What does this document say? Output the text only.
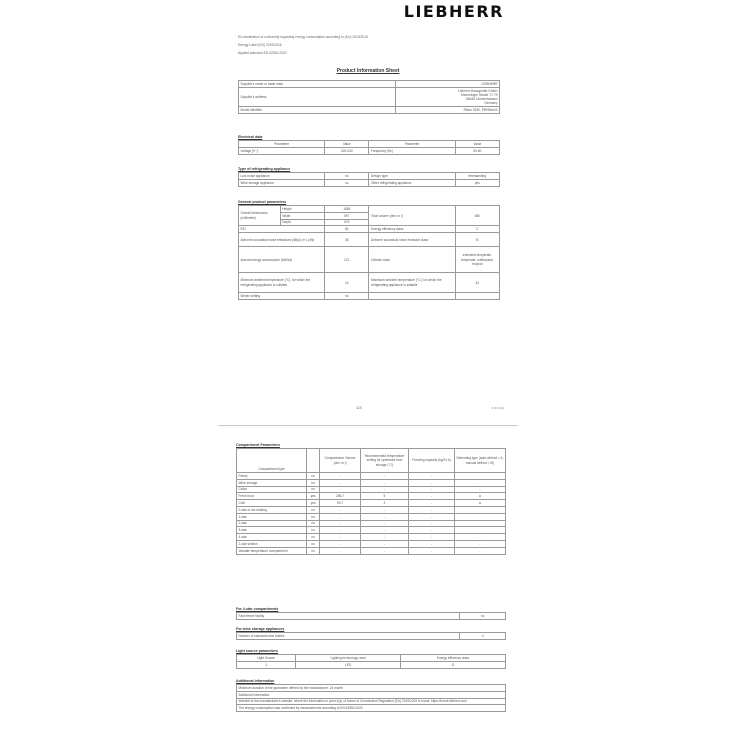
LIEBHERR
EU declaration of conformity regarding energy consumption according to (EU) 2019/2016
Energy Label (EU) 2019/2016
Applied standard EN 62552:2020
Product Information Sheet
Supplier's name or trade mark	LIEBHERR
Supplier's address	Liebherr-Hausgeräte GmbH
Memminger Straße 77-79
88416 Ochsenhausen
Germany

Model identifier	SBzm 5230, PRHBbs20
Electrical data
Parameter	Value	Parameter	Value
Voltage [V~]	220-240	Frequency [Hz]	50-60
Type of refrigerating appliance
Low-noise appliance	no	Design type	freestanding
Wine storage appliance	no	Other refrigerating appliance	yes
General product parameters
Overall dimensions (millimetre)	Height	1855	Total volume (dm³ or l)	380
	Width	597		
	Depth	675		
EEI		84	Energy efficiency class	C
Airborne acoustical noise emissions (dB(A) re 1 pW)		35	Airborne acoustical noise emission class	B
Annual energy consumption (kWh/a)		221	Climate class	extended temperate, temperate, subtropical, tropical
Minimum ambient temperature (°C), for which the refrigerating appliance is suitable		10	Maximum ambient temperature (°C), for which the refrigerating appliance is suitable	43
Winter setting		no		
1/3	5 02 2024
Compartment Parameters
Compartment type		Compartment Volume (dm³ or l)	Recommended temperature setting for optimised food storage (°C)	Freezing capacity (kg/24 h)	Defrosting type (auto-defrost = A, manual defrost = M)
Pantry	no	-	-	-	-
Wine storage	no	-	-	-	-
Cellar	no	-	-	-	-
Fresh food	yes	286.7	5	-	A
Chill	yes	93.7	3	-	A
0-star or ice-making	no	-	-	-	-
1-star	no	-	-	-	-
2-star	no	-	-	-	-
3-star	no	-	-	-	-
4-star	no	-	-	-	-
2-star section	no	-	-	-	-
Variable temperature compartment	no	-	-	-	-
For 4-star compartments
Fast freeze facility	no
For wine storage appliances
Number of standard wine bottles	0
Light source parameters
Light Source	Lighting technology used	Energy efficiency class
1	LED	G
Additional information
Minimum duration of the guarantee offered by the manufacturer: 24 month
Additional information:
Weblink to the manufacturer's website, where the information in point 4(a) of Annex of Commission Regulation (EU) 2019/2019 is found: https://home.liebherr.com
The energy consumption was confirmed by measurements according to EN 62552:2020
